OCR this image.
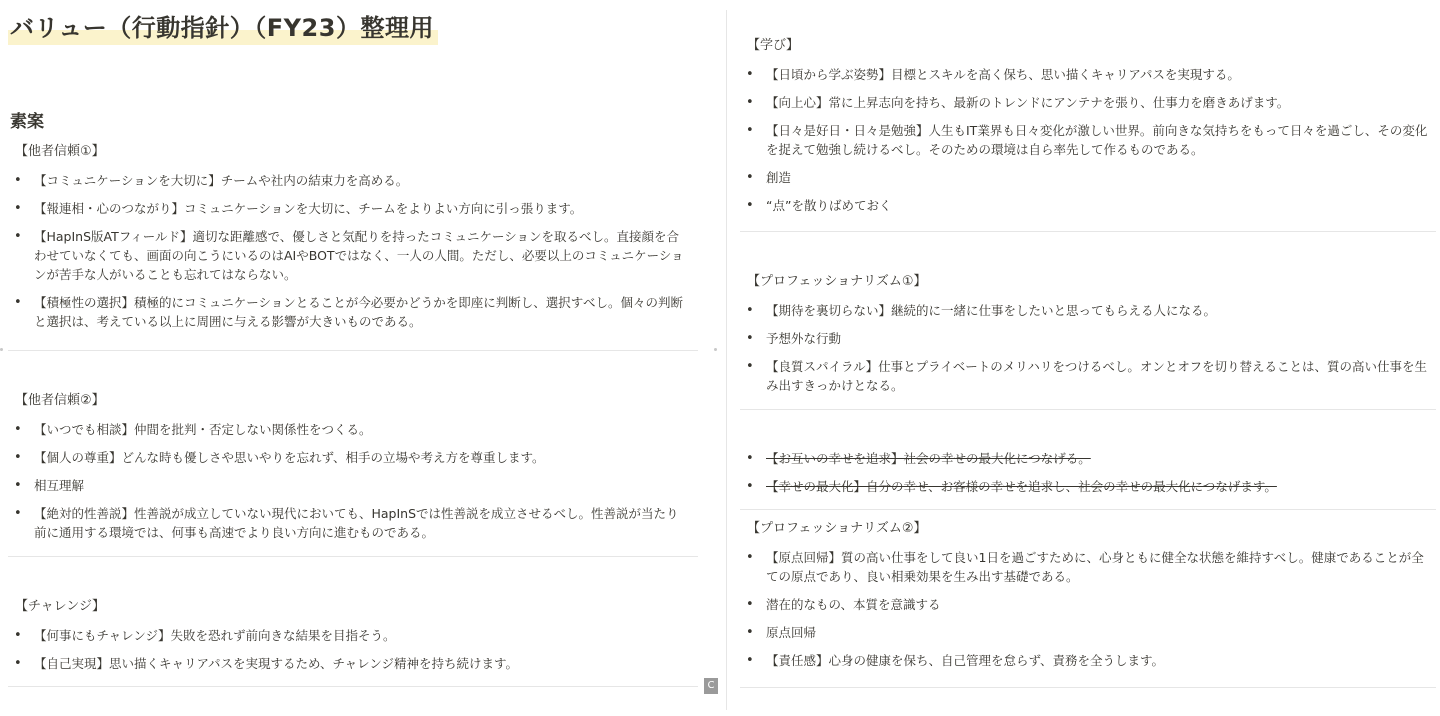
バリュー（行動指針）（FY23）整理用
素案
【他者信頼①】
• 【コミュニケーションを大切に】チームや社内の結束力を高める。
• 【報連相・心のつながり】コミュニケーションを大切に、チームをよりよい方向に引っ張ります。
• 【HapInS版ATフィールド】適切な距離感で、優しさと気配りを持ったコミュニケーションを取るべし。直接顔を合わせていなくても、画面の向こうにいるのはAIやBOTではなく、一人の人間。ただし、必要以上のコミュニケーションが苦手な人がいることも忘れてはならない。
• 【積極性の選択】積極的にコミュニケーションとることが今必要かどうかを即座に判断し、選択すべし。個々の判断と選択は、考えている以上に周囲に与える影響が大きいものである。
【他者信頼②】
• 【いつでも相談】仲間を批判・否定しない関係性をつくる。
• 【個人の尊重】どんな時も優しさや思いやりを忘れず、相手の立場や考え方を尊重します。
• 相互理解
• 【絶対的性善説】性善説が成立していない現代においても、HapInSでは性善説を成立させるべし。性善説が当たり前に通用する環境では、何事も高速でより良い方向に進むものである。
【チャレンジ】
• 【何事にもチャレンジ】失敗を恐れず前向きな結果を目指そう。
• 【自己実現】思い描くキャリアパスを実現するため、チャレンジ精神を持ち続けます。
C
【学び】
• 【日頃から学ぶ姿勢】目標とスキルを高く保ち、思い描くキャリアパスを実現する。
• 【向上心】常に上昇志向を持ち、最新のトレンドにアンテナを張り、仕事力を磨きあげます。
• 【日々是好日・日々是勉強】人生もIT業界も日々変化が激しい世界。前向きな気持ちをもって日々を過ごし、その変化を捉えて勉強し続けるべし。そのための環境は自ら率先して作るものである。
• 創造
• “点”を散りばめておく
【プロフェッショナリズム①】
• 【期待を裏切らない】継続的に一緒に仕事をしたいと思ってもらえる人になる。
• 予想外な行動
• 【良質スパイラル】仕事とプライベートのメリハリをつけるべし。オンとオフを切り替えることは、質の高い仕事を生み出すきっかけとなる。
• 【お互いの幸せを追求】社会の幸せの最大化につなげる。
• 【幸せの最大化】自分の幸せ、お客様の幸せを追求し、社会の幸せの最大化につなげます。
【プロフェッショナリズム②】
• 【原点回帰】質の高い仕事をして良い1日を過ごすために、心身ともに健全な状態を維持すべし。健康であることが全ての原点であり、良い相乗効果を生み出す基礎である。
• 潜在的なもの、本質を意識する
• 原点回帰
• 【責任感】心身の健康を保ち、自己管理を怠らず、責務を全うします。
